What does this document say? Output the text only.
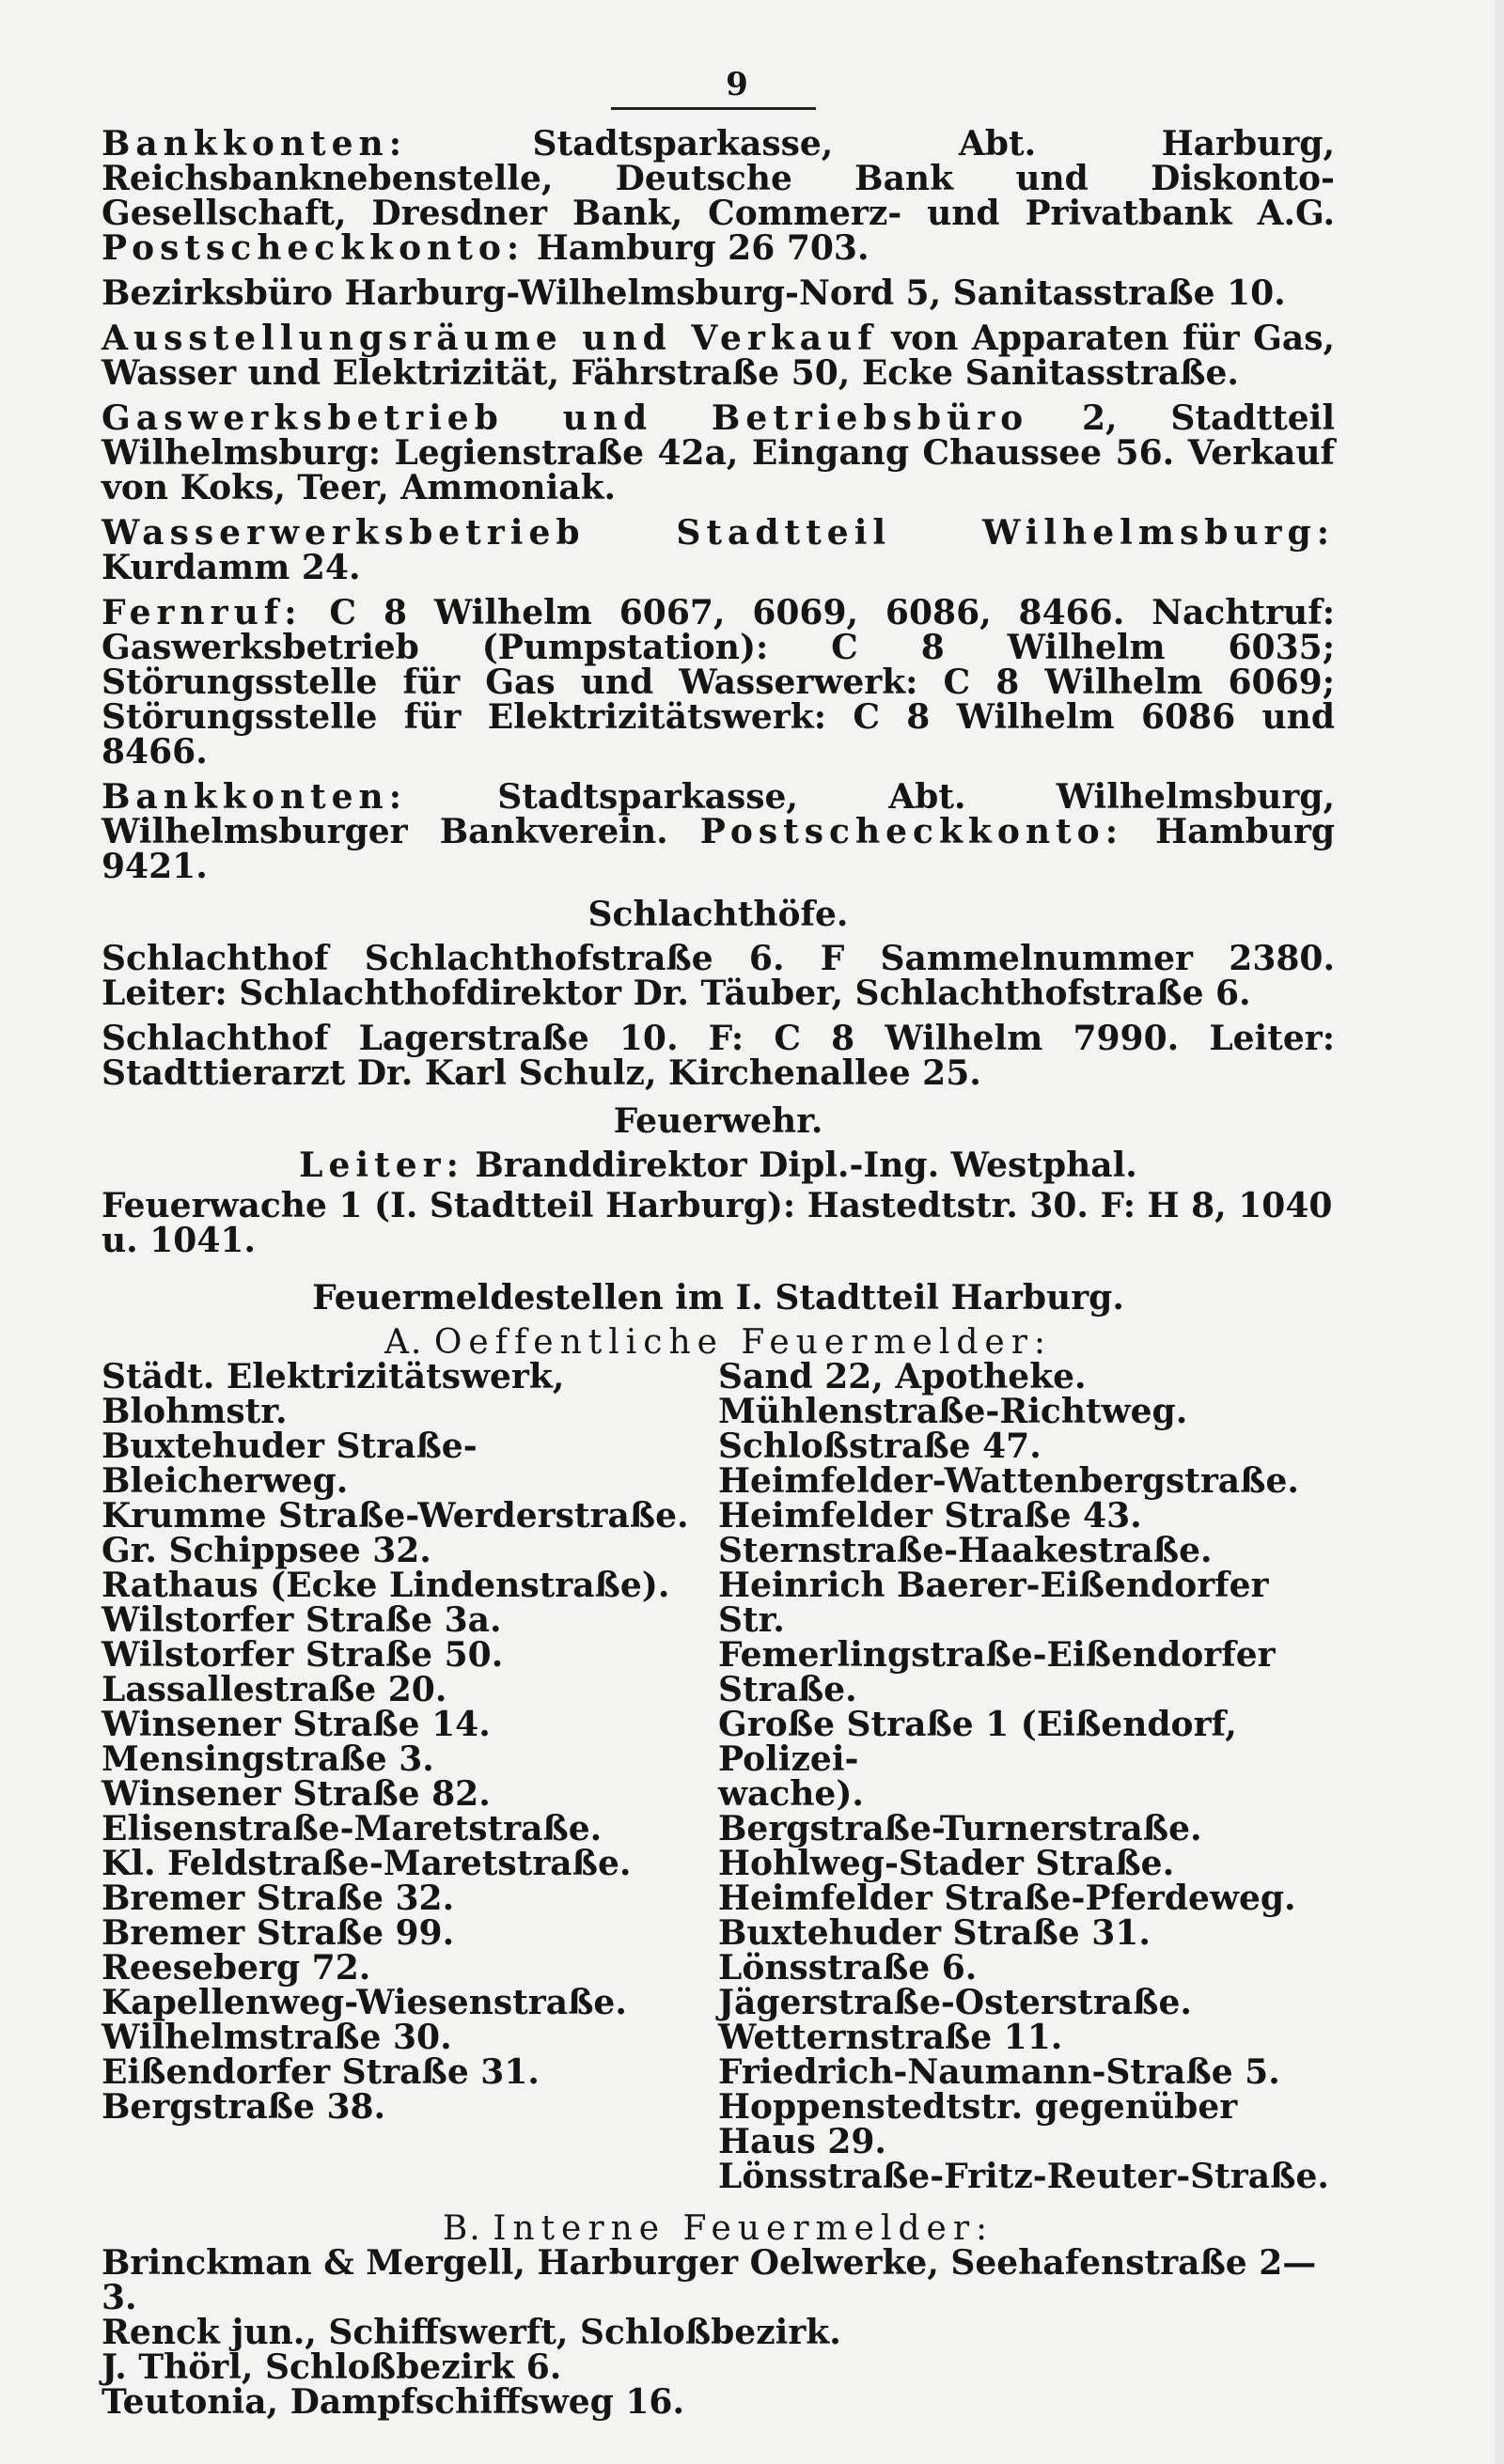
9

Bankkonten: Stadtsparkasse, Abt. Harburg, Reichsbanknebenstelle, Deutsche Bank und Diskonto-Gesellschaft, Dresdner Bank, Commerz- und Privatbank A.G. Postscheckkonto: Hamburg 26 703.

Bezirksbüro Harburg-Wilhelmsburg-Nord 5, Sanitasstraße 10.

Ausstellungsräume und Verkauf von Apparaten für Gas, Wasser und Elektrizität, Fährstraße 50, Ecke Sanitasstraße.

Gaswerksbetrieb und Betriebsbüro 2, Stadtteil Wilhelmsburg: Legienstraße 42a, Eingang Chaussee 56. Verkauf von Koks, Teer, Ammoniak.

Wasserwerksbetrieb Stadtteil Wilhelmsburg: Kurdamm 24.

Fernruf: C 8 Wilhelm 6067, 6069, 6086, 8466. Nachtruf: Gaswerksbetrieb (Pumpstation): C 8 Wilhelm 6035; Störungsstelle für Gas und Wasserwerk: C 8 Wilhelm 6069; Störungsstelle für Elektrizitätswerk: C 8 Wilhelm 6086 und 8466.

Bankkonten: Stadtsparkasse, Abt. Wilhelmsburg, Wilhelmsburger Bankverein. Postscheckkonto: Hamburg 9421.

Schlachthöfe.

Schlachthof Schlachthofstraße 6. F Sammelnummer 2380. Leiter: Schlachthofdirektor Dr. Täuber, Schlachthofstraße 6.

Schlachthof Lagerstraße 10. F: C 8 Wilhelm 7990. Leiter: Stadttierarzt Dr. Karl Schulz, Kirchenallee 25.

Feuerwehr.
Leiter: Branddirektor Dipl.-Ing. Westphal.
Feuerwache 1 (I. Stadtteil Harburg): Hastedtstr. 30. F: H 8, 1040 u. 1041.
Feuermeldestellen im I. Stadtteil Harburg.
A. Oeffentliche Feuermelder:
Städt. Elektrizitätswerk, Blohmstr.
Buxtehuder Straße-Bleicherweg.
Krumme Straße-Werderstraße.
Gr. Schippsee 32.
Rathaus (Ecke Lindenstraße).
Wilstorfer Straße 3a.
Wilstorfer Straße 50.
Lassallestraße 20.
Winsener Straße 14.
Mensingstraße 3.
Winsener Straße 82.
Elisenstraße-Maretstraße.
Kl. Feldstraße-Maretstraße.
Bremer Straße 32.
Bremer Straße 99.
Reeseberg 72.
Kapellenweg-Wiesenstraße.
Wilhelmstraße 30.
Eißendorfer Straße 31.
Bergstraße 38.
Sand 22, Apotheke.
Mühlenstraße-Richtweg.
Schloßstraße 47.
Heimfelder-Wattenbergstraße.
Heimfelder Straße 43.
Sternstraße-Haakestraße.
Heinrich Baerer-Eißendorfer Str.
Femerlingstraße-Eißendorfer Straße.
Große Straße 1 (Eißendorf, Polizei-
wache).
Bergstraße-Turnerstraße.
Hohlweg-Stader Straße.
Heimfelder Straße-Pferdeweg.
Buxtehuder Straße 31.
Lönsstraße 6.
Jägerstraße-Osterstraße.
Wetternstraße 11.
Friedrich-Naumann-Straße 5.
Hoppenstedtstr. gegenüber Haus 29.
Lönsstraße-Fritz-Reuter-Straße.
B. Interne Feuermelder:
Brinckman & Mergell, Harburger Oelwerke, Seehafenstraße 2—3.
Renck jun., Schiffswerft, Schloßbezirk.
J. Thörl, Schloßbezirk 6.
Teutonia, Dampfschiffsweg 16.
